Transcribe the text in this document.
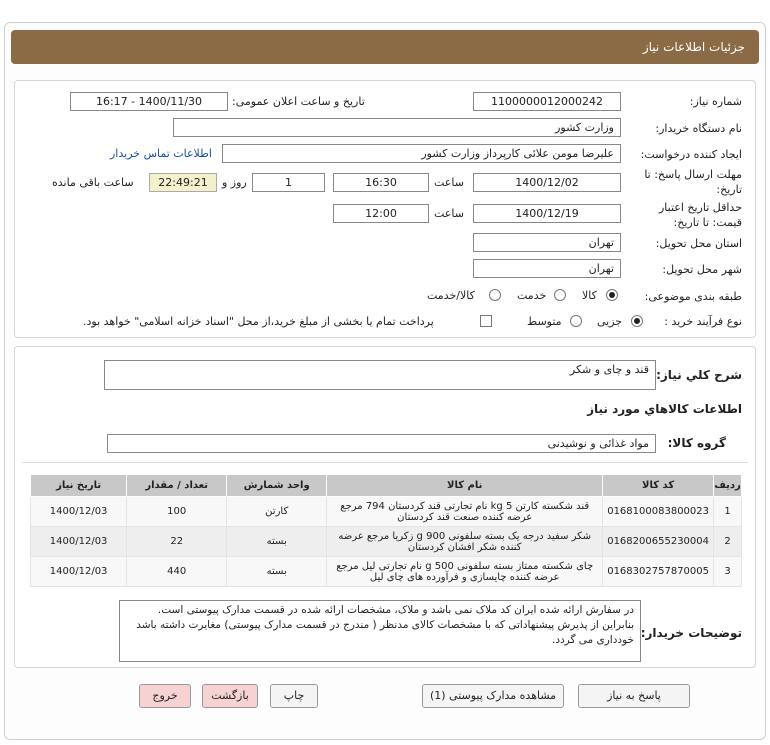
جزئیات اطلاعات نیاز
شماره نیاز:
1100000012000242
تاریخ و ساعت اعلان عمومی:
1400/11/30 - 16:17
نام دستگاه خریدار:
وزارت کشور
ایجاد کننده درخواست:
علیرضا مومن علائی کارپرداز وزارت کشور
اطلاعات تماس خریدار
مهلت ارسال پاسخ: تا
تاریخ:
1400/12/02
ساعت
16:30
1
روز و
22:49:21
ساعت باقی مانده
حداقل تاریخ اعتبار
قیمت: تا تاریخ:
1400/12/19
ساعت
12:00
استان محل تحویل:
تهران
شهر محل تحویل:
تهران
طبقه بندی موضوعی:
کالا
خدمت
کالا/خدمت
نوع فرآیند خرید :
جزیی
متوسط
پرداخت تمام یا بخشی از مبلغ خرید،از محل "اسناد خزانه اسلامی" خواهد بود.
شرح کلي نياز:
قند و چای و شکر
اطلاعات کالاهاي مورد نياز
گروه کالا:
مواد غذائی و نوشیدنی
ردیف	کد کالا	نام کالا	واحد شمارش	تعداد / مقدار	تاریخ نیاز
1	0168100083800023	قند شکسته کارتن 5 kg نام تجارتی قند کردستان 794 مرجع عرضه کننده صنعت قند کردستان	کارتن	100	1400/12/03
2	0168200655230004	شکر سفید درجه یک بسته سلفونی 900 g زکریا مرجع عرضه کننده شکر افشان کردستان	بسته	22	1400/12/03
3	0168302757870005	چای شکسته ممتاز بسته سلفونی 500 g نام تجارتی لیل مرجع عرضه کننده چایسازی و فرآورده های چای لیل	بسته	440	1400/12/03
توضیحات خریدار:
در سفارش ارائه شده ایران کد ملاک نمی باشد و ملاک، مشخصات ارائه شده در قسمت مدارک پیوستی است. بنابراین از پذیرش پیشنهاداتی که با مشخصات کالای مدنظر ( مندرج در قسمت مدارک پیوستی) مغایرت داشته باشد خودداری می گردد.
پاسخ به نیاز
مشاهده مدارک پیوستی (1)
چاپ
بازگشت
خروج
